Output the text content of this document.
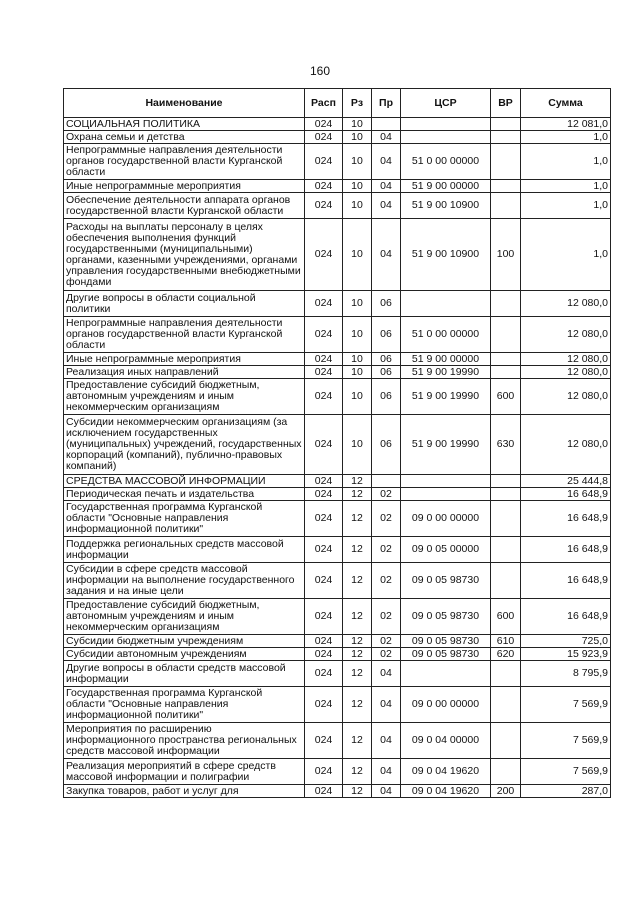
160
Наименование	Расп	Рз	Пр	ЦСР	ВР	Сумма
СОЦИАЛЬНАЯ ПОЛИТИКА	024	10				12 081,0
Охрана семьи и детства	024	10	04			1,0
Непрограммные направления деятельности органов государственной власти Курганской области	024	10	04	51 0 00 00000		1,0
Иные непрограммные мероприятия	024	10	04	51 9 00 00000		1,0
Обеспечение деятельности аппарата органов государственной власти Курганской области	024	10	04	51 9 00 10900		1,0
Расходы на выплаты персоналу в целях обеспечения выполнения функций государственными (муниципальными) органами, казенными учреждениями, органами управления государственными внебюджетными фондами	024	10	04	51 9 00 10900	100	1,0
Другие вопросы в области социальной политики	024	10	06			12 080,0
Непрограммные направления деятельности органов государственной власти Курганской области	024	10	06	51 0 00 00000		12 080,0
Иные непрограммные мероприятия	024	10	06	51 9 00 00000		12 080,0
Реализация иных направлений	024	10	06	51 9 00 19990		12 080,0
Предоставление субсидий бюджетным, автономным учреждениям и иным некоммерческим организациям	024	10	06	51 9 00 19990	600	12 080,0
Субсидии некоммерческим организациям (за исключением государственных (муниципальных) учреждений, государственных корпораций (компаний), публично-правовых компаний)	024	10	06	51 9 00 19990	630	12 080,0
СРЕДСТВА МАССОВОЙ ИНФОРМАЦИИ	024	12				25 444,8
Периодическая печать и издательства	024	12	02			16 648,9
Государственная программа Курганской области "Основные направления информационной политики"	024	12	02	09 0 00 00000		16 648,9
Поддержка региональных средств массовой информации	024	12	02	09 0 05 00000		16 648,9
Субсидии в сфере средств массовой информации на выполнение государственного задания и на иные цели	024	12	02	09 0 05 98730		16 648,9
Предоставление субсидий бюджетным, автономным учреждениям и иным некоммерческим организациям	024	12	02	09 0 05 98730	600	16 648,9
Субсидии бюджетным учреждениям	024	12	02	09 0 05 98730	610	725,0
Субсидии автономным учреждениям	024	12	02	09 0 05 98730	620	15 923,9
Другие вопросы в области средств массовой информации	024	12	04			8 795,9
Государственная программа Курганской области "Основные направления информационной политики"	024	12	04	09 0 00 00000		7 569,9
Мероприятия по расширению информационного пространства региональных средств массовой информации	024	12	04	09 0 04 00000		7 569,9
Реализация мероприятий в сфере средств массовой информации и полиграфии	024	12	04	09 0 04 19620		7 569,9
Закупка товаров, работ и услуг для	024	12	04	09 0 04 19620	200	287,0
